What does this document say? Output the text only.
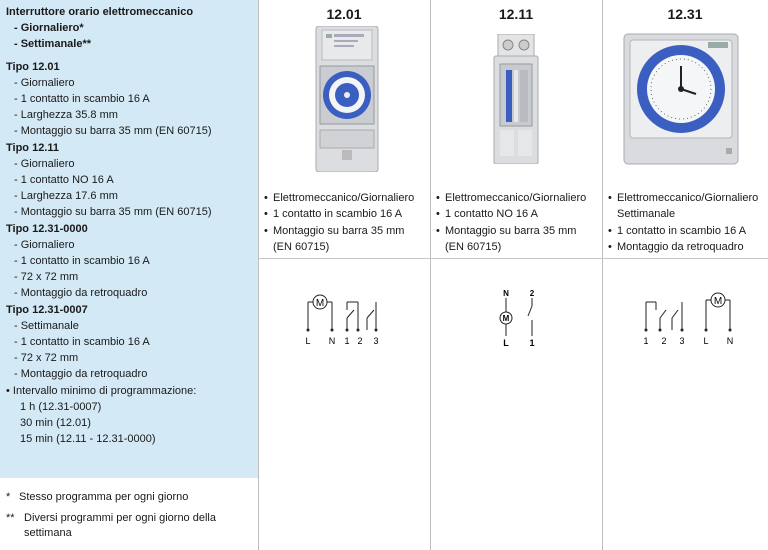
Interruttore orario elettromeccanico
- Giornaliero*
- Settimanale**
Tipo 12.01
- Giornaliero
- 1 contatto in scambio 16 A
- Larghezza 35.8 mm
- Montaggio su barra 35 mm (EN 60715)
Tipo 12.11
- Giornaliero
- 1 contatto NO 16 A
- Larghezza 17.6 mm
- Montaggio su barra 35 mm (EN 60715)
Tipo 12.31-0000
- Giornaliero
- 1 contatto in scambio 16 A
- 72 x 72 mm
- Montaggio da retroquadro
Tipo 12.31-0007
- Settimanale
- 1 contatto in scambio 16 A
- 72 x 72 mm
- Montaggio da retroquadro
• Intervallo minimo di programmazione:
1 h (12.31-0007)
30 min (12.01)
15 min (12.11 - 12.31-0000)
* Stesso programma per ogni giorno
** Diversi programmi per ogni giorno della settimana
12.01	12.11	12.31
• Elettromeccanico/Giornaliero
• 1 contatto in scambio 16 A
• Montaggio su barra 35 mm
(EN 60715)
• Elettromeccanico/Giornaliero
• 1 contatto NO 16 A
• Montaggio su barra 35 mm
(EN 60715)
• Elettromeccanico/Giornaliero
Settimanale
• 1 contatto in scambio 16 A
• Montaggio da retroquadro
M
L N 1 2 3
N	2
M
L 1
M
1 2 3 L N
